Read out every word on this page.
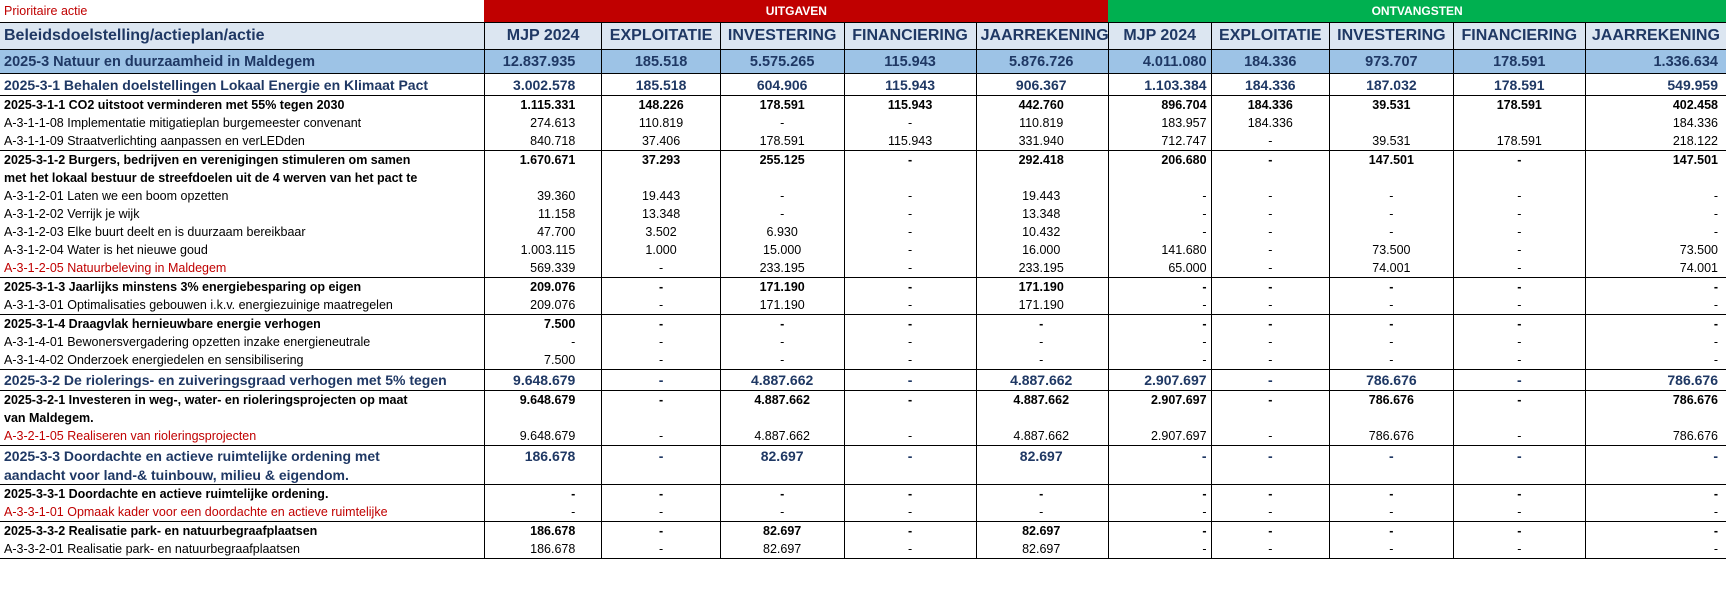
Prioritaire actie	UITGAVEN					ONTVANGSTEN				
Beleidsdoelstelling/actieplan/actie	MJP 2024	EXPLOITATIE	INVESTERING	FINANCIERING	JAARREKENING	MJP 2024	EXPLOITATIE	INVESTERING	FINANCIERING	JAARREKENING
2025-3 Natuur en duurzaamheid in Maldegem	12.837.935	185.518	5.575.265	115.943	5.876.726	4.011.080	184.336	973.707	178.591	1.336.634
2025-3-1 Behalen doelstellingen Lokaal Energie en Klimaat Pact	3.002.578	185.518	604.906	115.943	906.367	1.103.384	184.336	187.032	178.591	549.959
2025-3-1-1 CO2 uitstoot verminderen met 55% tegen 2030	1.115.331	148.226	178.591	115.943	442.760	896.704	184.336	39.531	178.591	402.458
A-3-1-1-08 Implementatie mitigatieplan burgemeester convenant	274.613	110.819	-	-	110.819	183.957	184.336			184.336
A-3-1-1-09 Straatverlichting aanpassen en verLEDden	840.718	37.406	178.591	115.943	331.940	712.747	-	39.531	178.591	218.122
2025-3-1-2 Burgers, bedrijven en verenigingen stimuleren om samen	1.670.671	37.293	255.125	-	292.418	206.680	-	147.501	-	147.501
met het lokaal bestuur de streefdoelen uit de 4 werven van het pact te										
A-3-1-2-01 Laten we een boom opzetten	39.360	19.443	-	-	19.443	-	-	-	-	-
A-3-1-2-02 Verrijk je wijk	11.158	13.348	-	-	13.348	-	-	-	-	-
A-3-1-2-03 Elke buurt deelt en is duurzaam bereikbaar	47.700	3.502	6.930	-	10.432	-	-	-	-	-
A-3-1-2-04 Water is het nieuwe goud	1.003.115	1.000	15.000	-	16.000	141.680	-	73.500	-	73.500
A-3-1-2-05 Natuurbeleving in Maldegem	569.339	-	233.195	-	233.195	65.000	-	74.001	-	74.001
2025-3-1-3 Jaarlijks minstens 3% energiebesparing op eigen	209.076	-	171.190	-	171.190	-	-	-	-	-
A-3-1-3-01 Optimalisaties gebouwen i.k.v. energiezuinige maatregelen	209.076	-	171.190	-	171.190	-	-	-	-	-
2025-3-1-4 Draagvlak hernieuwbare energie verhogen	7.500	-	-	-	-	-	-	-	-	-
A-3-1-4-01 Bewonersvergadering opzetten inzake energieneutrale	-	-	-	-	-	-	-	-	-	-
A-3-1-4-02 Onderzoek energiedelen en sensibilisering	7.500	-	-	-	-	-	-	-	-	-
2025-3-2 De riolerings- en zuiveringsgraad verhogen met 5% tegen	9.648.679	-	4.887.662	-	4.887.662	2.907.697	-	786.676	-	786.676
2025-3-2-1 Investeren in weg-, water- en rioleringsprojecten op maat	9.648.679	-	4.887.662	-	4.887.662	2.907.697	-	786.676	-	786.676
van Maldegem.										
A-3-2-1-05 Realiseren van rioleringsprojecten	9.648.679	-	4.887.662	-	4.887.662	2.907.697	-	786.676	-	786.676
2025-3-3 Doordachte en actieve ruimtelijke ordening met	186.678	-	82.697	-	82.697	-	-	-	-	-
aandacht voor land-& tuinbouw, milieu & eigendom.										
2025-3-3-1 Doordachte en actieve ruimtelijke ordening.	-	-	-	-	-	-	-	-	-	-
A-3-3-1-01 Opmaak kader voor een doordachte en actieve ruimtelijke	-	-	-	-	-	-	-	-	-	-
2025-3-3-2 Realisatie park- en natuurbegraafplaatsen	186.678	-	82.697	-	82.697	-	-	-	-	-
A-3-3-2-01 Realisatie park- en natuurbegraafplaatsen	186.678	-	82.697	-	82.697	-	-	-	-	-
